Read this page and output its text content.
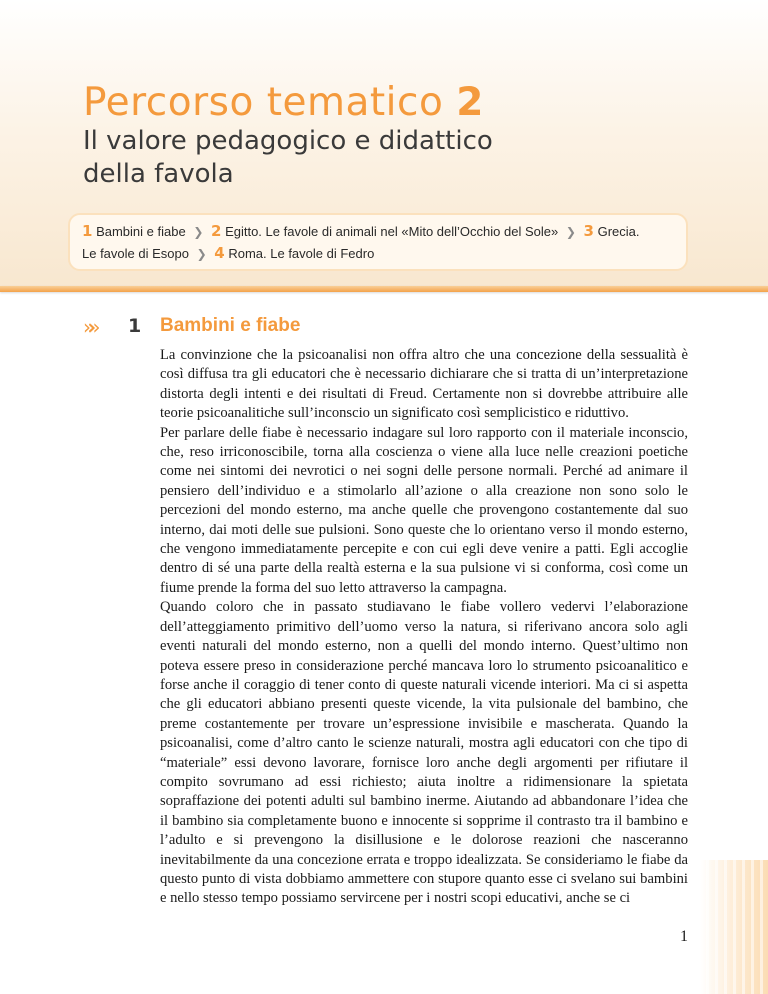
Percorso tematico 2
Il valore pedagogico e didattico
della favola
1 Bambini e fiabe ❯ 2 Egitto. Le favole di animali nel «Mito dell’Occhio del Sole» ❯ 3 Grecia.
Le favole di Esopo ❯ 4 Roma. Le favole di Fedro
»» 1 Bambini e fiabe

La convinzione che la psicoanalisi non offra altro che una concezione della sessualità è così diffusa tra gli educatori che è necessario dichiarare che si tratta di un’interpretazione distorta degli intenti e dei risultati di Freud. Certamente non si dovrebbe attribuire alle teorie psicoanalitiche sull’inconscio un significato così semplicistico e riduttivo.

Per parlare delle fiabe è necessario indagare sul loro rapporto con il materiale inconscio, che, reso irriconoscibile, torna alla coscienza o viene alla luce nelle creazioni poetiche come nei sintomi dei nevrotici o nei sogni delle persone normali. Perché ad animare il pensiero dell’individuo e a stimolarlo all’azione o alla creazione non sono solo le percezioni del mondo esterno, ma anche quelle che provengono costantemente dal suo interno, dai moti delle sue pulsioni. Sono queste che lo orientano verso il mondo esterno, che vengono immediatamente percepite e con cui egli deve venire a patti. Egli accoglie dentro di sé una parte della realtà esterna e la sua pulsione vi si conforma, così come un fiume prende la forma del suo letto attraverso la campagna.

Quando coloro che in passato studiavano le fiabe vollero vedervi l’elaborazione dell’atteggiamento primitivo dell’uomo verso la natura, si riferivano ancora solo agli eventi naturali del mondo esterno, non a quelli del mondo interno. Quest’ultimo non poteva essere preso in considerazione perché mancava loro lo strumento psicoanalitico e forse anche il coraggio di tener conto di queste naturali vicende interiori. Ma ci si aspetta che gli educatori abbiano presenti queste vicende, la vita pulsionale del bambino, che preme costantemente per trovare un’espressione invisibile e mascherata. Quando la psicoanalisi, come d’altro canto le scienze naturali, mostra agli educatori con che tipo di “materiale” essi devono lavorare, fornisce loro anche degli argomenti per rifiutare il compito sovrumano ad essi richiesto; aiuta inoltre a ridimensionare la spietata sopraffazione dei potenti adulti sul bambino inerme. Aiutando ad abbandonare l’idea che il bambino sia completamente buono e innocente si sopprime il contrasto tra il bambino e l’adulto e si prevengono la disillusione e le dolorose reazioni che nasceranno inevitabilmente da una concezione errata e troppo idealizzata. Se consideriamo le fiabe da questo punto di vista dobbiamo ammettere con stupore quanto esse ci svelano sui bambini e nello stesso tempo possiamo servircene per i nostri scopi educativi, anche se ci

1
